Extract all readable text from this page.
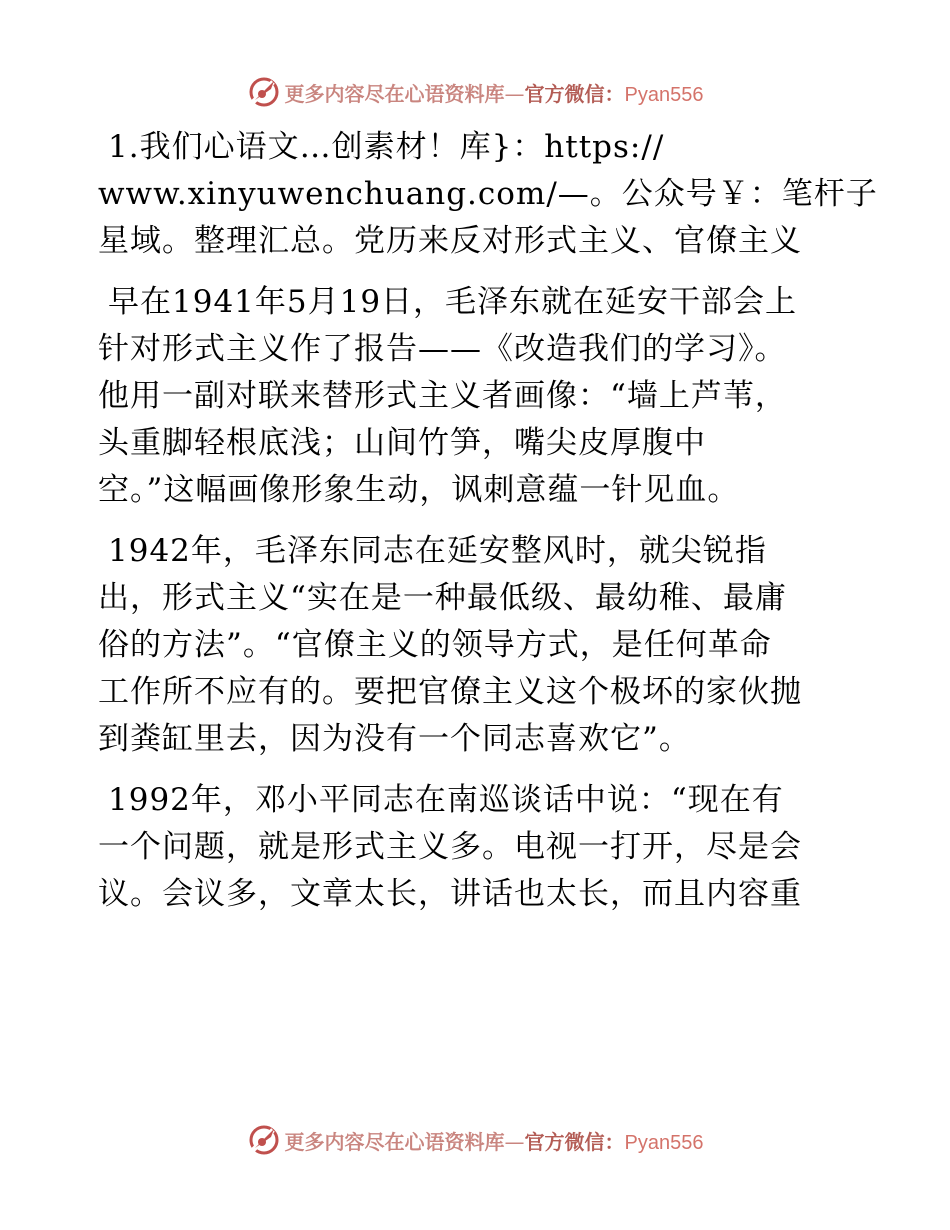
更多内容尽在心语资料库—官方微信：Pyan556

1.我们心语文…创素材！库}：https://
www.xinyuwenchuang.com/—。公众号￥：笔杆子
星域。整理汇总。党历来反对形式主义、官僚主义

早在1941年5月19日，毛泽东就在延安干部会上
针对形式主义作了报告——《改造我们的学习》。
他用一副对联来替形式主义者画像：“墙上芦苇，
头重脚轻根底浅；山间竹笋，嘴尖皮厚腹中
空。”这幅画像形象生动，讽刺意蕴一针见血。

1942年，毛泽东同志在延安整风时，就尖锐指
出，形式主义“实在是一种最低级、最幼稚、最庸
俗的方法”。“官僚主义的领导方式，是任何革命
工作所不应有的。要把官僚主义这个极坏的家伙抛
到粪缸里去，因为没有一个同志喜欢它”。

1992年，邓小平同志在南巡谈话中说：“现在有
一个问题，就是形式主义多。电视一打开，尽是会
议。会议多，文章太长，讲话也太长，而且内容重

更多内容尽在心语资料库—官方微信：Pyan556
